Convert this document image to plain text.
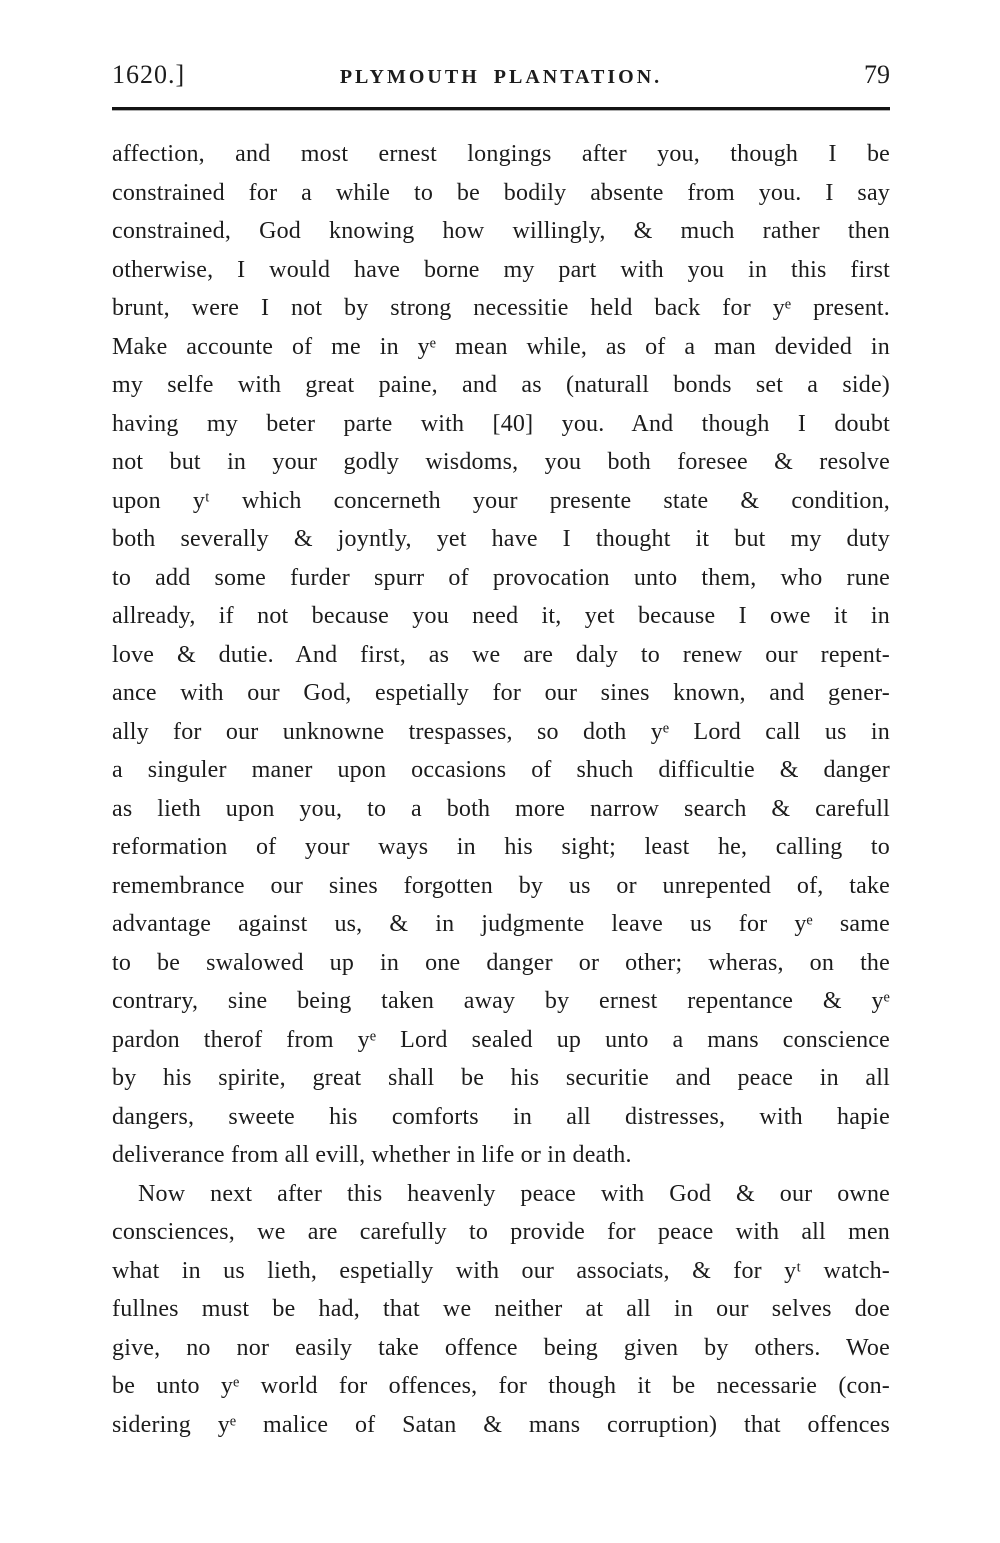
1620.]	PLYMOUTH PLANTATION.	79
affection, and most ernest longings after you, though I be
constrained for a while to be bodily absente from you. I say
constrained, God knowing how willingly, & much rather then
otherwise, I would have borne my part with you in this first
brunt, were I not by strong necessitie held back for yᵉ present.
Make accounte of me in yᵉ mean while, as of a man devided in
my selfe with great paine, and as (naturall bonds set a side)
having my beter parte with [40] you. And though I doubt
not but in your godly wisdoms, you both foresee & resolve
upon yᵗ which concerneth your presente state & condition,
both severally & joyntly, yet have I thought it but my duty
to add some furder spurr of provocation unto them, who rune
allready, if not because you need it, yet because I owe it in
love & dutie. And first, as we are daly to renew our repent-
ance with our God, espetially for our sines known, and gener-
ally for our unknowne trespasses, so doth yᵉ Lord call us in
a singuler maner upon occasions of shuch difficultie & danger
as lieth upon you, to a both more narrow search & carefull
reformation of your ways in his sight; least he, calling to
remembrance our sines forgotten by us or unrepented of, take
advantage against us, & in judgmente leave us for yᵉ same
to be swalowed up in one danger or other; wheras, on the
contrary, sine being taken away by ernest repentance & yᵉ
pardon therof from yᵉ Lord sealed up unto a mans conscience
by his spirite, great shall be his securitie and peace in all
dangers, sweete his comforts in all distresses, with hapie
deliverance from all evill, whether in life or in death.
Now next after this heavenly peace with God & our owne
consciences, we are carefully to provide for peace with all men
what in us lieth, espetially with our associats, & for yᵗ watch-
fullnes must be had, that we neither at all in our selves doe
give, no nor easily take offence being given by others. Woe
be unto yᵉ world for offences, for though it be necessarie (con-
sidering yᵉ malice of Satan & mans corruption) that offences
